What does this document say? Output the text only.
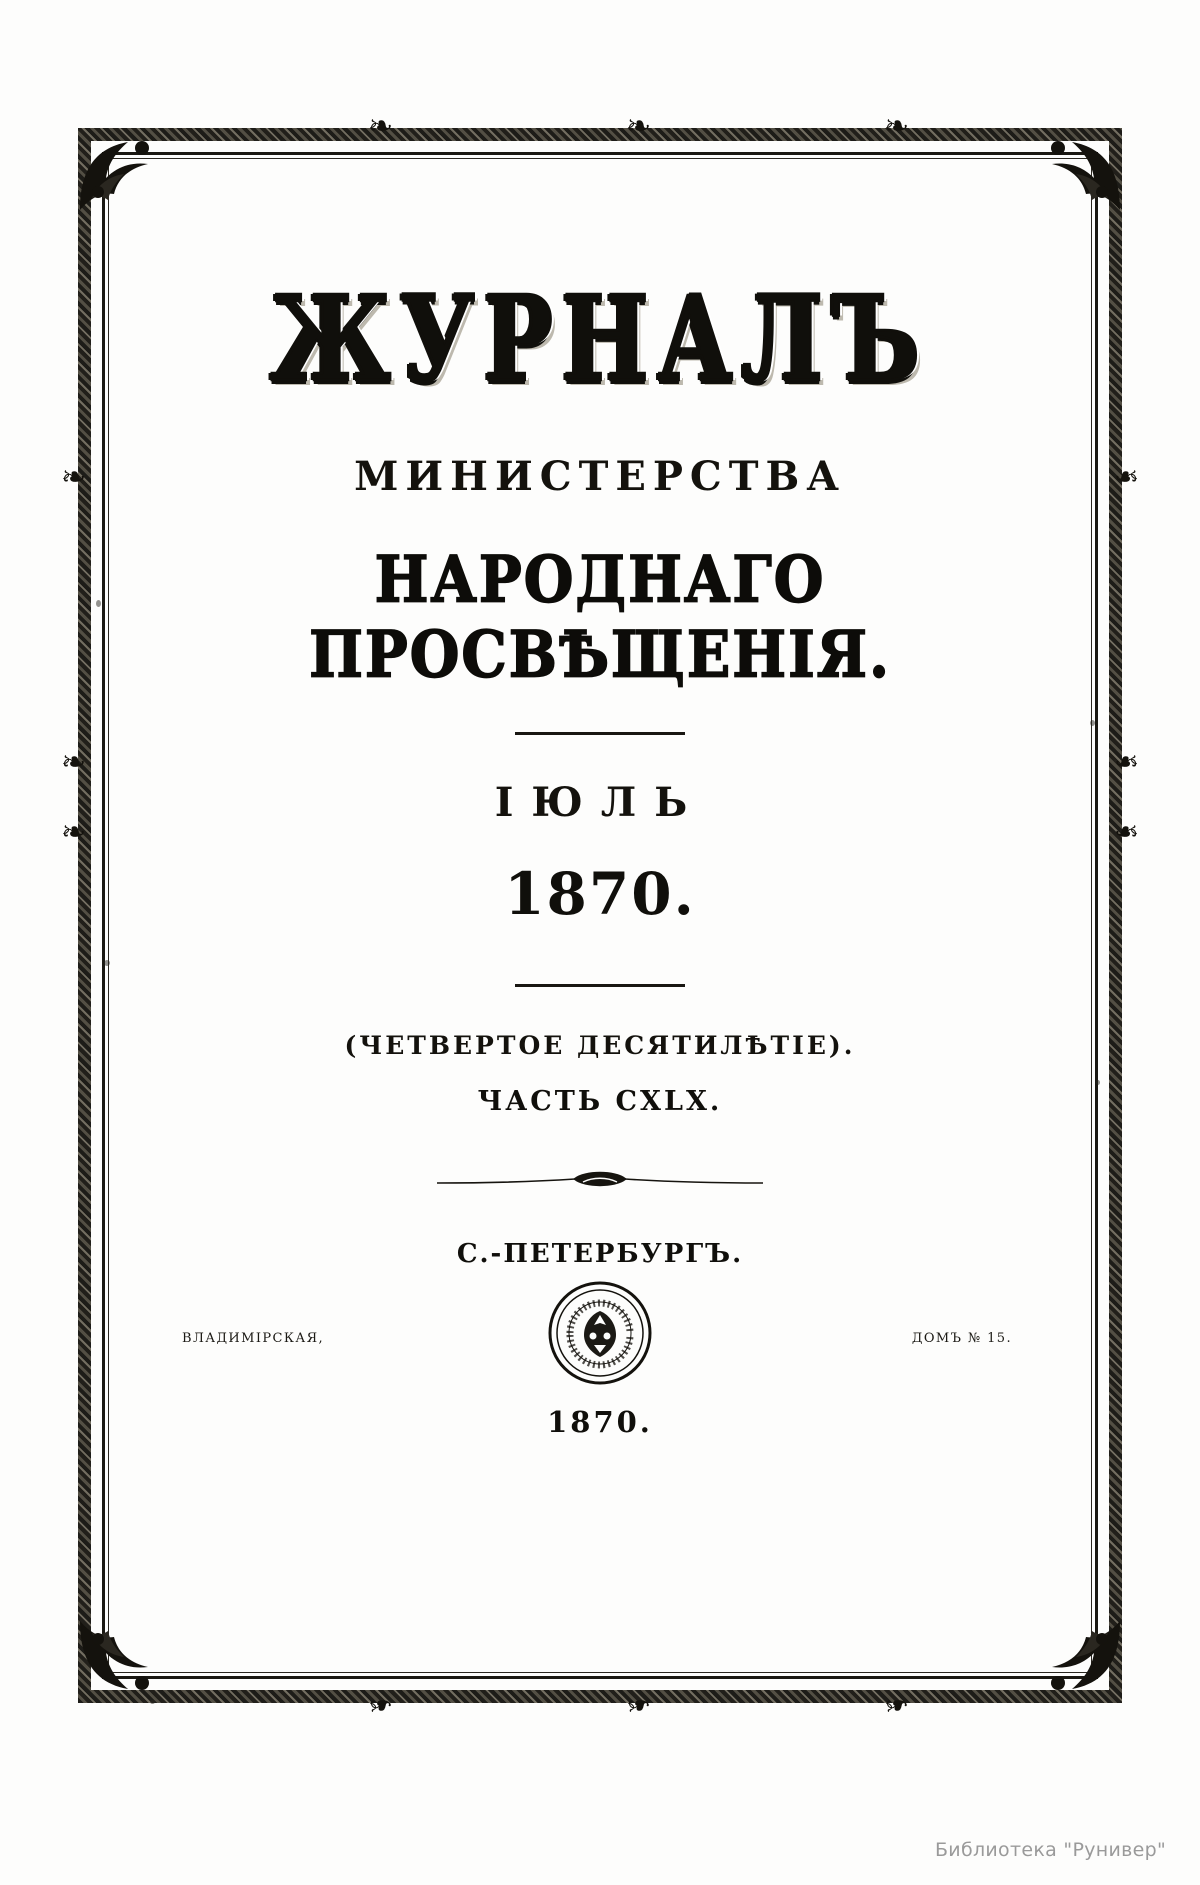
❧	❧	❧
❧	❧	❧
❧
❧
❧
❧
❧
❧
ЖУРНАЛЪ
МИНИСТЕРСТВА
НАРОДНАГО ПРОСВѢЩЕНІЯ.
ІЮЛЬ
1870.
(ЧЕТВЕРТОЕ ДЕСЯТИЛѢТІЕ).
ЧАСТЬ CXLX.
С.-ПЕТЕРБУРГЪ.
ВЛАДИМІРСКАЯ,	ДОМЪ № 15.
1870.
Библиотека "Рунивер"
